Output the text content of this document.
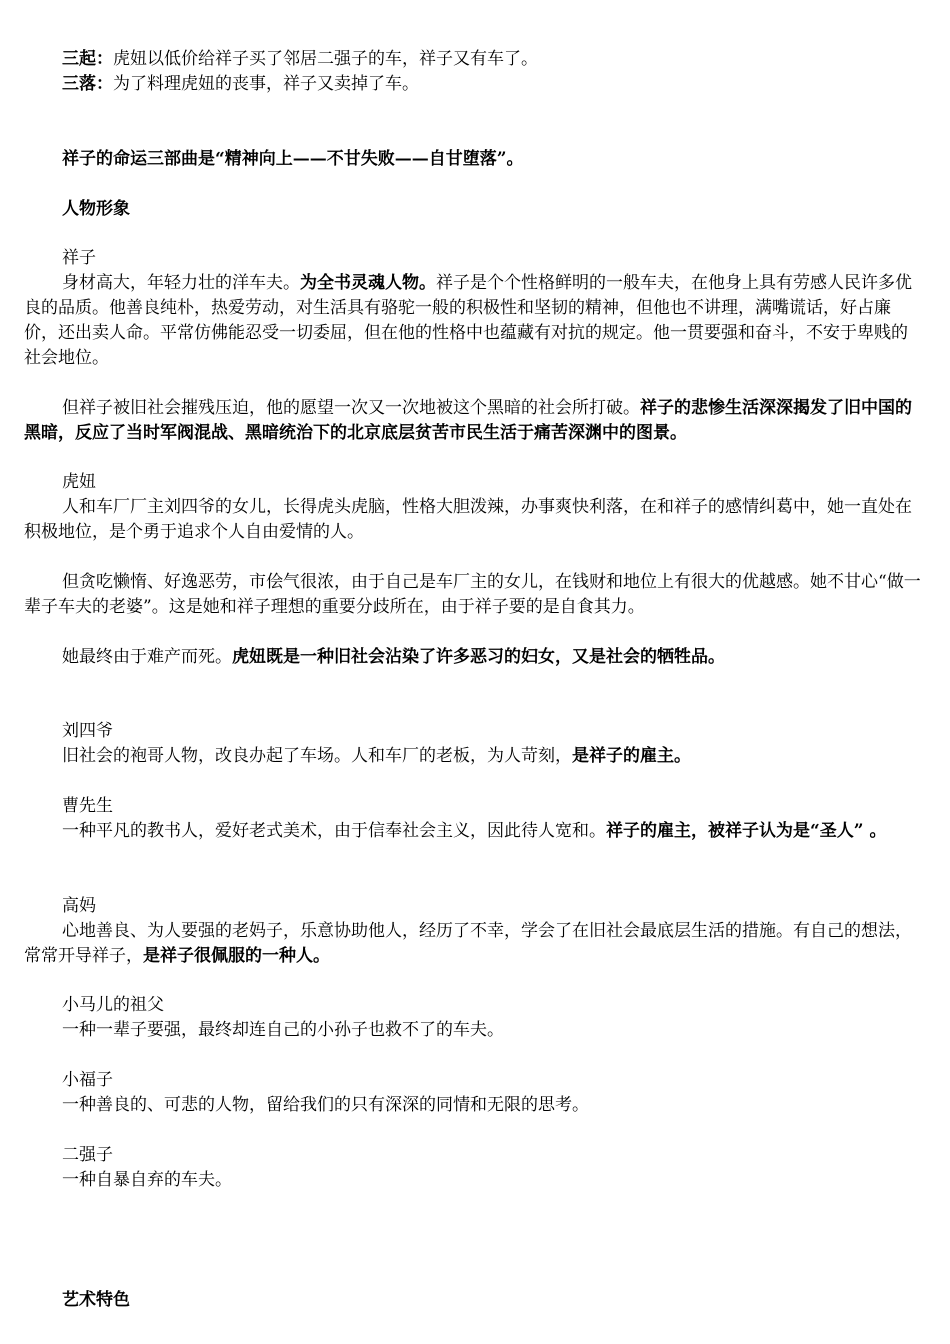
三起：虎妞以低价给祥子买了邻居二强子的车，祥子又有车了。
三落：为了料理虎妞的丧事，祥子又卖掉了车。
祥子的命运三部曲是“精神向上——不甘失败——自甘堕落”。
人物形象
祥子
身材高大，年轻力壮的洋车夫。为全书灵魂人物。祥子是个个性格鲜明的一般车夫，在他身上具有劳感人民许多优良的品质。他善良纯朴，热爱劳动，对生活具有骆驼一般的积极性和坚韧的精神，但他也不讲理，满嘴谎话，好占廉价，还出卖人命。平常仿佛能忍受一切委屈，但在他的性格中也蕴藏有对抗的规定。他一贯要强和奋斗，不安于卑贱的社会地位。
但祥子被旧社会摧残压迫，他的愿望一次又一次地被这个黑暗的社会所打破。祥子的悲惨生活深深揭发了旧中国的黑暗，反应了当时军阀混战、黑暗统治下的北京底层贫苦市民生活于痛苦深渊中的图景。
虎妞
人和车厂厂主刘四爷的女儿，长得虎头虎脑，性格大胆泼辣，办事爽快利落，在和祥子的感情纠葛中，她一直处在积极地位，是个勇于追求个人自由爱情的人。
但贪吃懒惰、好逸恶劳，市侩气很浓，由于自己是车厂主的女儿，在钱财和地位上有很大的优越感。她不甘心“做一辈子车夫的老婆”。这是她和祥子理想的重要分歧所在，由于祥子要的是自食其力。
她最终由于难产而死。虎妞既是一种旧社会沾染了许多恶习的妇女，又是社会的牺牲品。
刘四爷
旧社会的袍哥人物，改良办起了车场。人和车厂的老板，为人苛刻，是祥子的雇主。
曹先生
一种平凡的教书人，爱好老式美术，由于信奉社会主义，因此待人宽和。祥子的雇主，被祥子认为是“圣人” 。
高妈
心地善良、为人要强的老妈子，乐意协助他人，经历了不幸，学会了在旧社会最底层生活的措施。有自己的想法，常常开导祥子，是祥子很佩服的一种人。
小马儿的祖父
一种一辈子要强，最终却连自己的小孙子也救不了的车夫。
小福子
一种善良的、可悲的人物，留给我们的只有深深的同情和无限的思考。
二强子
一种自暴自弃的车夫。
艺术特色
